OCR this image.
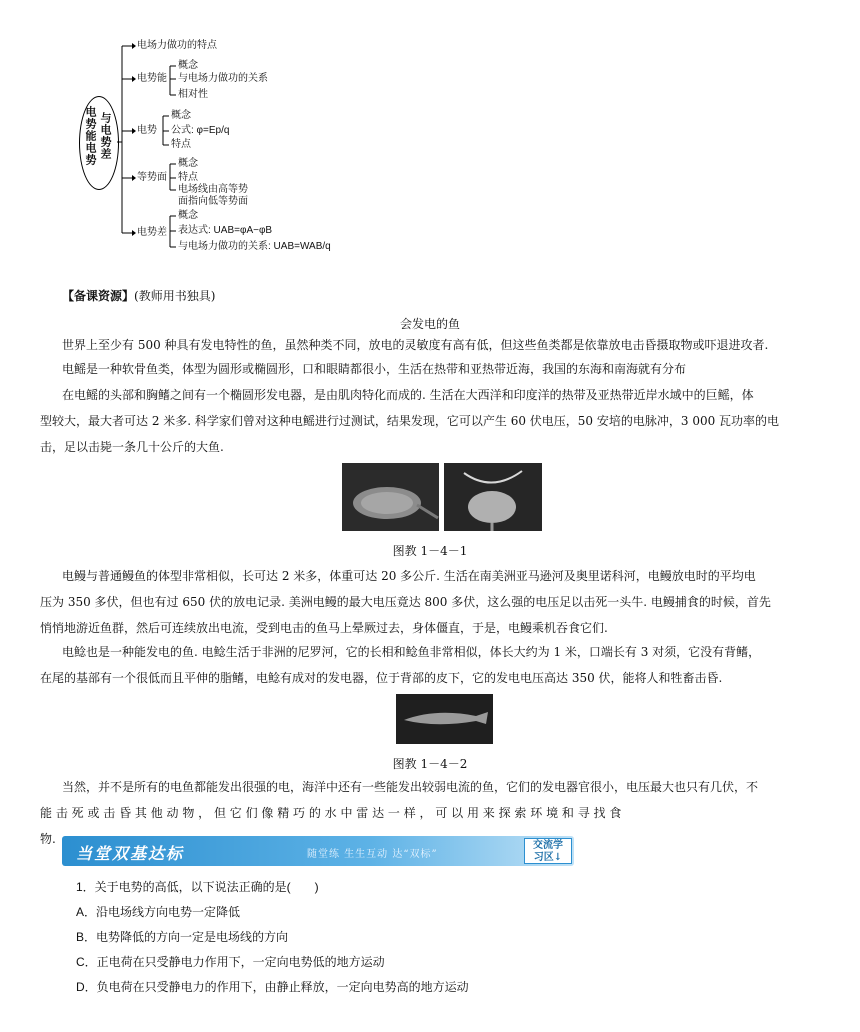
电势能
电势 与电势差
电场力做功的特点
电势能
概念
与电场力做功的关系
相对性
电势
概念
公式: φ=Ep/q
特点
等势面
概念
特点
电场线由高等势
面指向低等势面
电势差
概念
表达式: UAB=φA−φB
与电场力做功的关系: UAB=WAB/q
【备课资源】(教师用书独具)
会发电的鱼
世界上至少有 500 种具有发电特性的鱼，虽然种类不同，放电的灵敏度有高有低，但这些鱼类都是依靠放电击昏摄取物或吓退进攻者.
电鳐是一种软骨鱼类，体型为圆形或椭圆形，口和眼睛都很小，生活在热带和亚热带近海，我国的东海和南海就有分布
在电鳐的头部和胸鳍之间有一个椭圆形发电器，是由肌肉特化而成的. 生活在大西洋和印度洋的热带及亚热带近岸水域中的巨鳐，体
型较大，最大者可达 2 米多. 科学家们曾对这种电鳐进行过测试，结果发现，它可以产生 60 伏电压，50 安培的电脉冲，3 000 瓦功率的电
击，足以击毙一条几十公斤的大鱼.
图教 1－4－1
电鳗与普通鳗鱼的体型非常相似，长可达 2 米多，体重可达 20 多公斤. 生活在南美洲亚马逊河及奥里诺科河，电鳗放电时的平均电
压为 350 多伏，但也有过 650 伏的放电记录. 美洲电鳗的最大电压竟达 800 多伏，这么强的电压足以击死一头牛. 电鳗捕食的时候，首先
悄悄地游近鱼群，然后可连续放出电流，受到电击的鱼马上晕厥过去，身体僵直，于是，电鳗乘机吞食它们.
电鲶也是一种能发电的鱼. 电鲶生活于非洲的尼罗河，它的长相和鲶鱼非常相似，体长大约为 1 米，口端长有 3 对须，它没有背鳍，
在尾的基部有一个很低而且平伸的脂鳍，电鲶有成对的发电器，位于背部的皮下，它的发电电压高达 350 伏，能将人和牲畜击昏.
图教 1－4－2
当然，并不是所有的电鱼都能发出很强的电，海洋中还有一些能发出较弱电流的鱼，它们的发电器官很小，电压最大也只有几伏，不
能 击 死 或 击 昏 其 他 动 物 ， 但 它 们 像 精 巧 的 水 中 雷 达 一 样 ， 可 以 用 来 探 索 环 境 和 寻 找 食
物.
当堂双基达标	随堂练 生生互动 达“双标”
交流学
习区↓
1．关于电势的高低，以下说法正确的是(　　)
A．沿电场线方向电势一定降低
B．电势降低的方向一定是电场线的方向
C．正电荷在只受静电力作用下，一定向电势低的地方运动
D．负电荷在只受静电力的作用下，由静止释放，一定向电势高的地方运动
